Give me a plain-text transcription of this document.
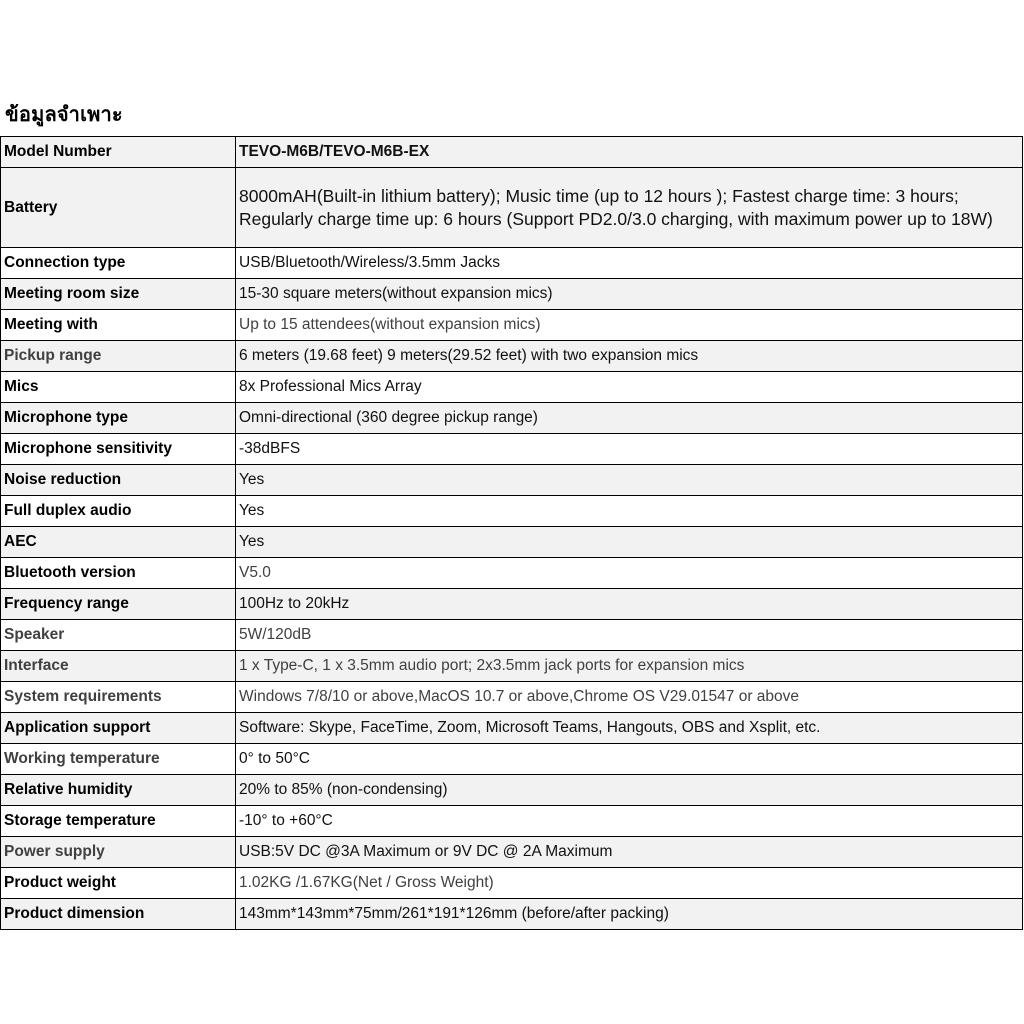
ข้อมูลจำเพาะ
Model Number	TEVO-M6B/TEVO-M6B-EX
Battery	8000mAH(Built-in lithium battery); Music time (up to 12 hours ); Fastest charge time: 3 hours;
Regularly charge time up: 6 hours (Support PD2.0/3.0 charging, with maximum power up to 18W)

Connection type	USB/Bluetooth/Wireless/3.5mm Jacks
Meeting room size	15-30 square meters(without expansion mics)
Meeting with	Up to 15 attendees(without expansion mics)
Pickup range	6 meters (19.68 feet) 9 meters(29.52 feet) with two expansion mics
Mics	8x Professional Mics Array
Microphone type	Omni-directional (360 degree pickup range)
Microphone sensitivity	-38dBFS
Noise reduction	Yes
Full duplex audio	Yes
AEC	Yes
Bluetooth version	V5.0
Frequency range	100Hz to 20kHz
Speaker	5W/120dB
Interface	1 x Type-C, 1 x 3.5mm audio port; 2x3.5mm jack ports for expansion mics
System requirements	Windows 7/8/10 or above,MacOS 10.7 or above,Chrome OS V29.01547 or above
Application support	Software: Skype, FaceTime, Zoom, Microsoft Teams, Hangouts, OBS and Xsplit, etc.
Working temperature	0° to 50°C
Relative humidity	20% to 85% (non-condensing)
Storage temperature	-10° to +60°C
Power supply	USB:5V DC @3A Maximum or 9V DC @ 2A Maximum
Product weight	1.02KG /1.67KG(Net / Gross Weight)
Product dimension	143mm*143mm*75mm/261*191*126mm (before/after packing)
